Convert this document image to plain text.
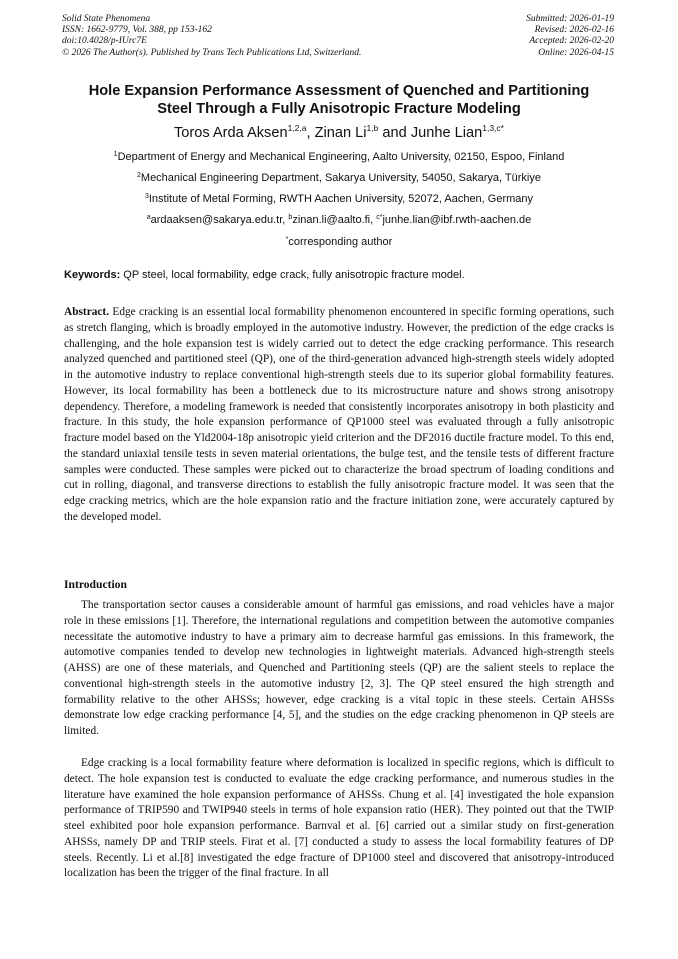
Solid State Phenomena
ISSN: 1662-9779, Vol. 388, pp 153-162
doi:10.4028/p-IUrc7E
© 2026 The Author(s). Published by Trans Tech Publications Ltd, Switzerland.
Submitted: 2026-01-19
Revised: 2026-02-16
Accepted: 2026-02-20
Online: 2026-04-15
Hole Expansion Performance Assessment of Quenched and Partitioning
Steel Through a Fully Anisotropic Fracture Modeling
Toros Arda Aksen$^{1,2,a}$, Zinan Li$^{1,b}$ and Junhe Lian$^{1,3,c*}$
$^1$Department of Energy and Mechanical Engineering, Aalto University, 02150, Espoo, Finland
$^2$Mechanical Engineering Department, Sakarya University, 54050, Sakarya, Türkiye
$^3$Institute of Metal Forming, RWTH Aachen University, 52072, Aachen, Germany
$^a$ardaaksen@sakarya.edu.tr, $^b$zinan.li@aalto.fi, $^{c*}$junhe.lian@ibf.rwth-aachen.de
*corresponding author
Keywords: QP steel, local formability, edge crack, fully anisotropic fracture model.
Abstract. Edge cracking is an essential local formability phenomenon encountered in specific forming operations, such as stretch flanging, which is broadly employed in the automotive industry. However, the prediction of the edge cracks is challenging, and the hole expansion test is widely carried out to detect the edge cracking performance. This research analyzed quenched and partitioned steel (QP), one of the third-generation advanced high-strength steels widely adopted in the automotive industry to replace conventional high-strength steels due to its superior global formability features. However, its local formability has been a bottleneck due to its microstructure nature and shows strong anisotropy dependency. Therefore, a modeling framework is needed that consistently incorporates anisotropy in both plasticity and fracture. In this study, the hole expansion performance of QP1000 steel was evaluated through a fully anisotropic fracture model based on the Yld2004-18p anisotropic yield criterion and the DF2016 ductile fracture model. To this end, the standard uniaxial tensile tests in seven material orientations, the bulge test, and the tensile tests of different fracture samples were conducted. These samples were picked out to characterize the broad spectrum of loading conditions and cut in rolling, diagonal, and transverse directions to establish the fully anisotropic fracture model. It was seen that the edge cracking metrics, which are the hole expansion ratio and the fracture initiation zone, were accurately captured by the developed model.
Introduction

The transportation sector causes a considerable amount of harmful gas emissions, and road vehicles have a major role in these emissions [1]. Therefore, the international regulations and competition between the automotive companies necessitate the automotive industry to have a primary aim to decrease harmful gas emissions. In this framework, the automotive companies tended to develop new technologies in lightweight materials. Advanced high-strength steels (AHSS) are one of these materials, and Quenched and Partitioning steels (QP) are the salient steels to replace the conventional high-strength steels in the automotive industry [2, 3]. The QP steel ensured the high strength and formability relative to the other AHSSs; however, edge cracking is a vital topic in these steels. Certain AHSSs demonstrate low edge cracking performance [4, 5], and the studies on the edge cracking phenomenon in QP steels are limited.

Edge cracking is a local formability feature where deformation is localized in specific regions, which is difficult to detect. The hole expansion test is conducted to evaluate the edge cracking performance, and numerous studies in the literature have examined the hole expansion performance of AHSSs. Chung et al. [4] investigated the hole expansion performance of TRIP590 and TWIP940 steels in terms of hole expansion ratio (HER). They pointed out that the TWIP steel exhibited poor hole expansion performance. Barnval et al. [6] carried out a similar study on first-generation AHSSs, namely DP and TRIP steels. Firat et al. [7] conducted a study to assess the local formability features of DP steels. Recently. Li et al.[8] investigated the edge fracture of DP1000 steel and discovered that anisotropy-introduced localization has been the trigger of the final fracture. In all
